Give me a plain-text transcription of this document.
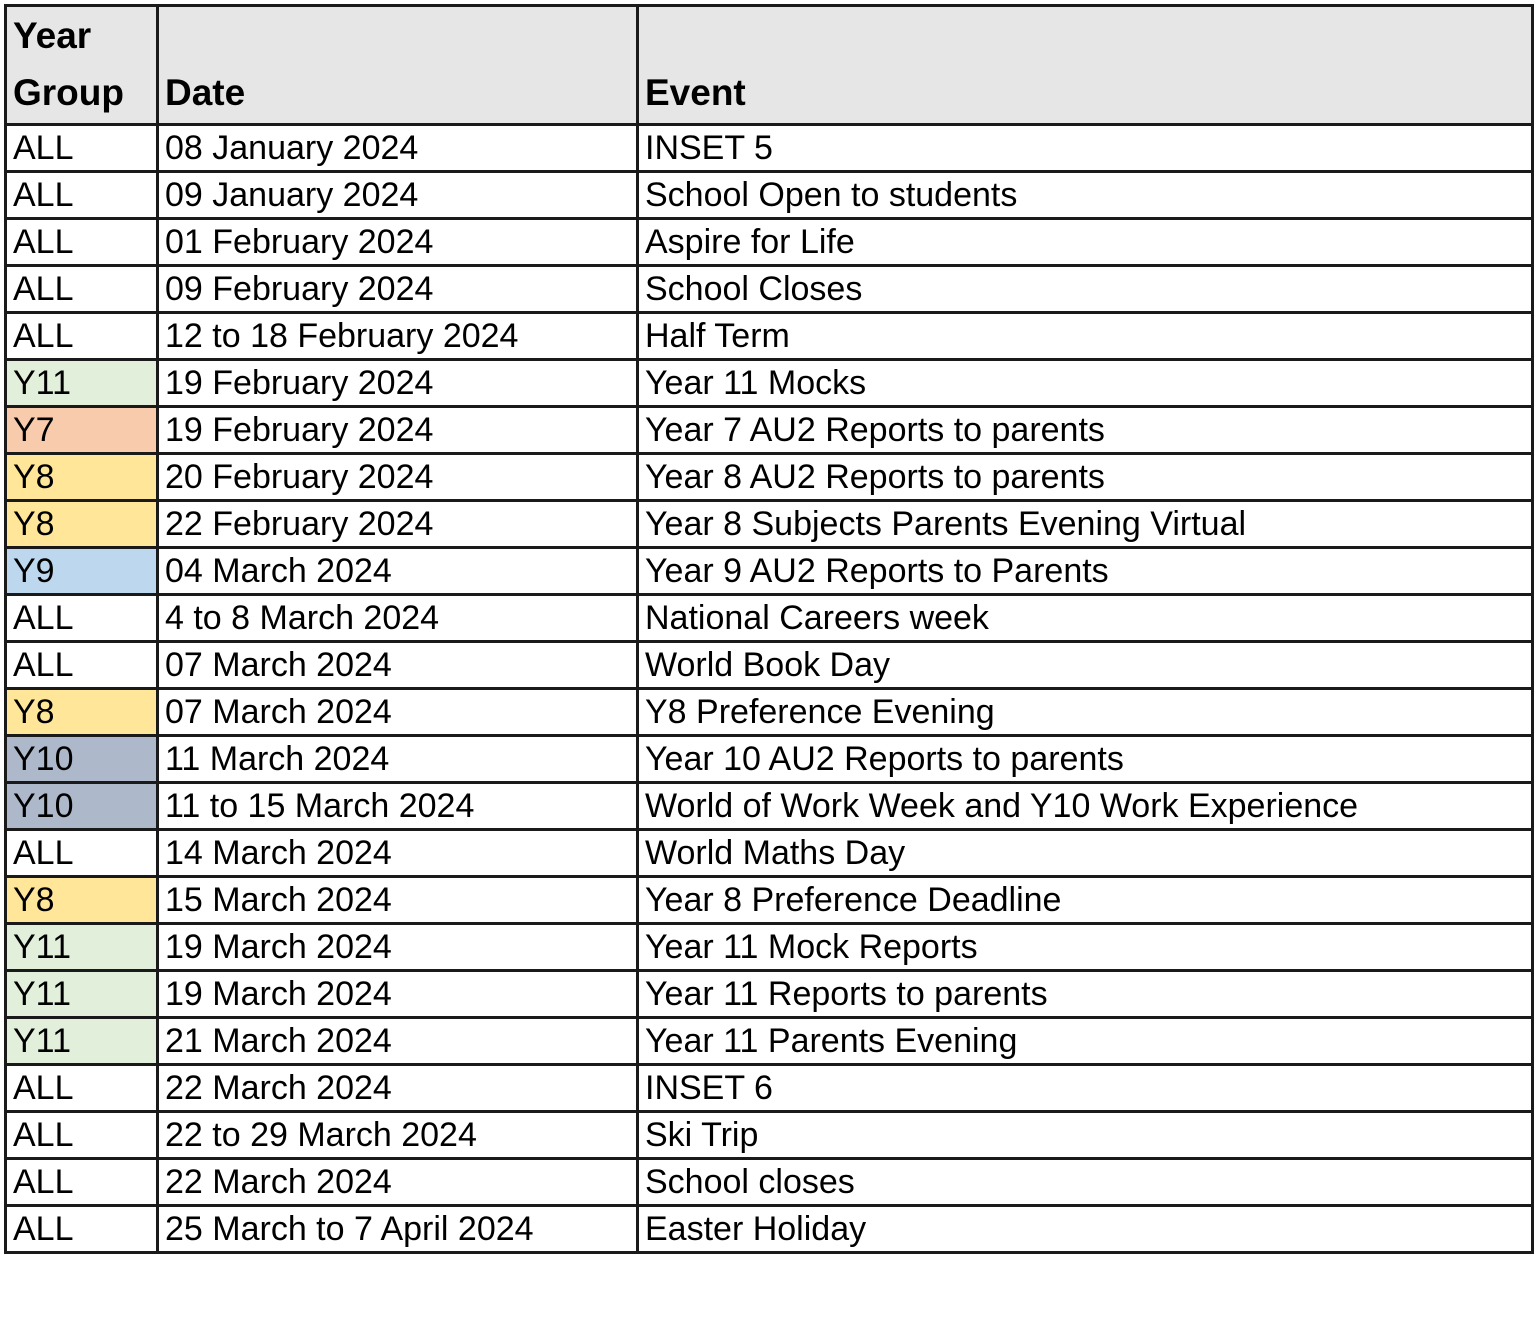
Year
Group	Date	Event
ALL	08 January 2024	INSET 5
ALL	09 January 2024	School Open to students
ALL	01 February 2024	Aspire for Life
ALL	09 February 2024	School Closes
ALL	12 to 18 February 2024	Half Term
Y11	19 February 2024	Year 11 Mocks
Y7	19 February 2024	Year 7 AU2 Reports to parents
Y8	20 February 2024	Year 8 AU2 Reports to parents
Y8	22 February 2024	Year 8 Subjects Parents Evening Virtual
Y9	04 March 2024	Year 9 AU2 Reports to Parents
ALL	4 to 8 March 2024	National Careers week
ALL	07 March 2024	World Book Day
Y8	07 March 2024	Y8 Preference Evening
Y10	11 March 2024	Year 10 AU2 Reports to parents
Y10	11 to 15 March 2024	World of Work Week and Y10 Work Experience
ALL	14 March 2024	World Maths Day
Y8	15 March 2024	Year 8 Preference Deadline
Y11	19 March 2024	Year 11 Mock Reports
Y11	19 March 2024	Year 11 Reports to parents
Y11	21 March 2024	Year 11 Parents Evening
ALL	22 March 2024	INSET 6
ALL	22 to 29 March 2024	Ski Trip
ALL	22 March 2024	School closes
ALL	25 March to 7 April 2024	Easter Holiday
